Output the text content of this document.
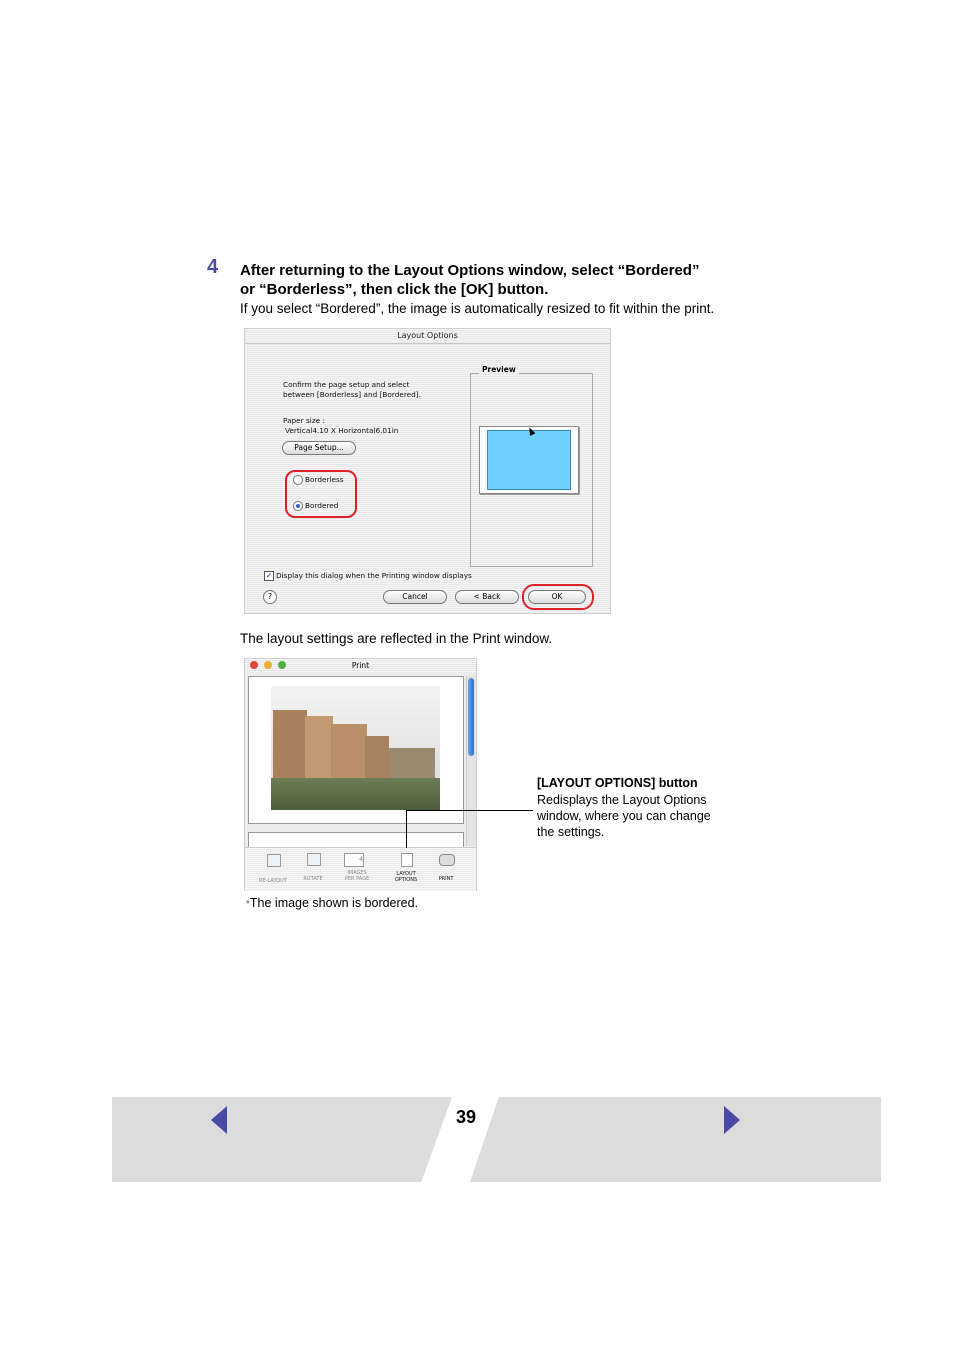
4 After returning to the Layout Options window, select “Bordered”
or “Borderless”, then click the [OK] button.
If you select “Bordered”, the image is automatically resized to fit within the print.
Layout Options
Confirm the page setup and select
between [Borderless] and [Bordered].
Paper size :
Vertical4.10 X Horizontal6.01in
Page Setup...
Borderless
Bordered
Preview
✓ Display this dialog when the Printing window displays
?	Cancel	< Back	OK
The layout settings are reflected in the Print window.
Print
RE-LAYOUT	ROTATE
4
IMAGES
PER PAGE
LAYOUT
OPTIONS	PRINT
[LAYOUT OPTIONS] button
Redisplays the Layout Options
window, where you can change
the settings.
*The image shown is bordered.
39
